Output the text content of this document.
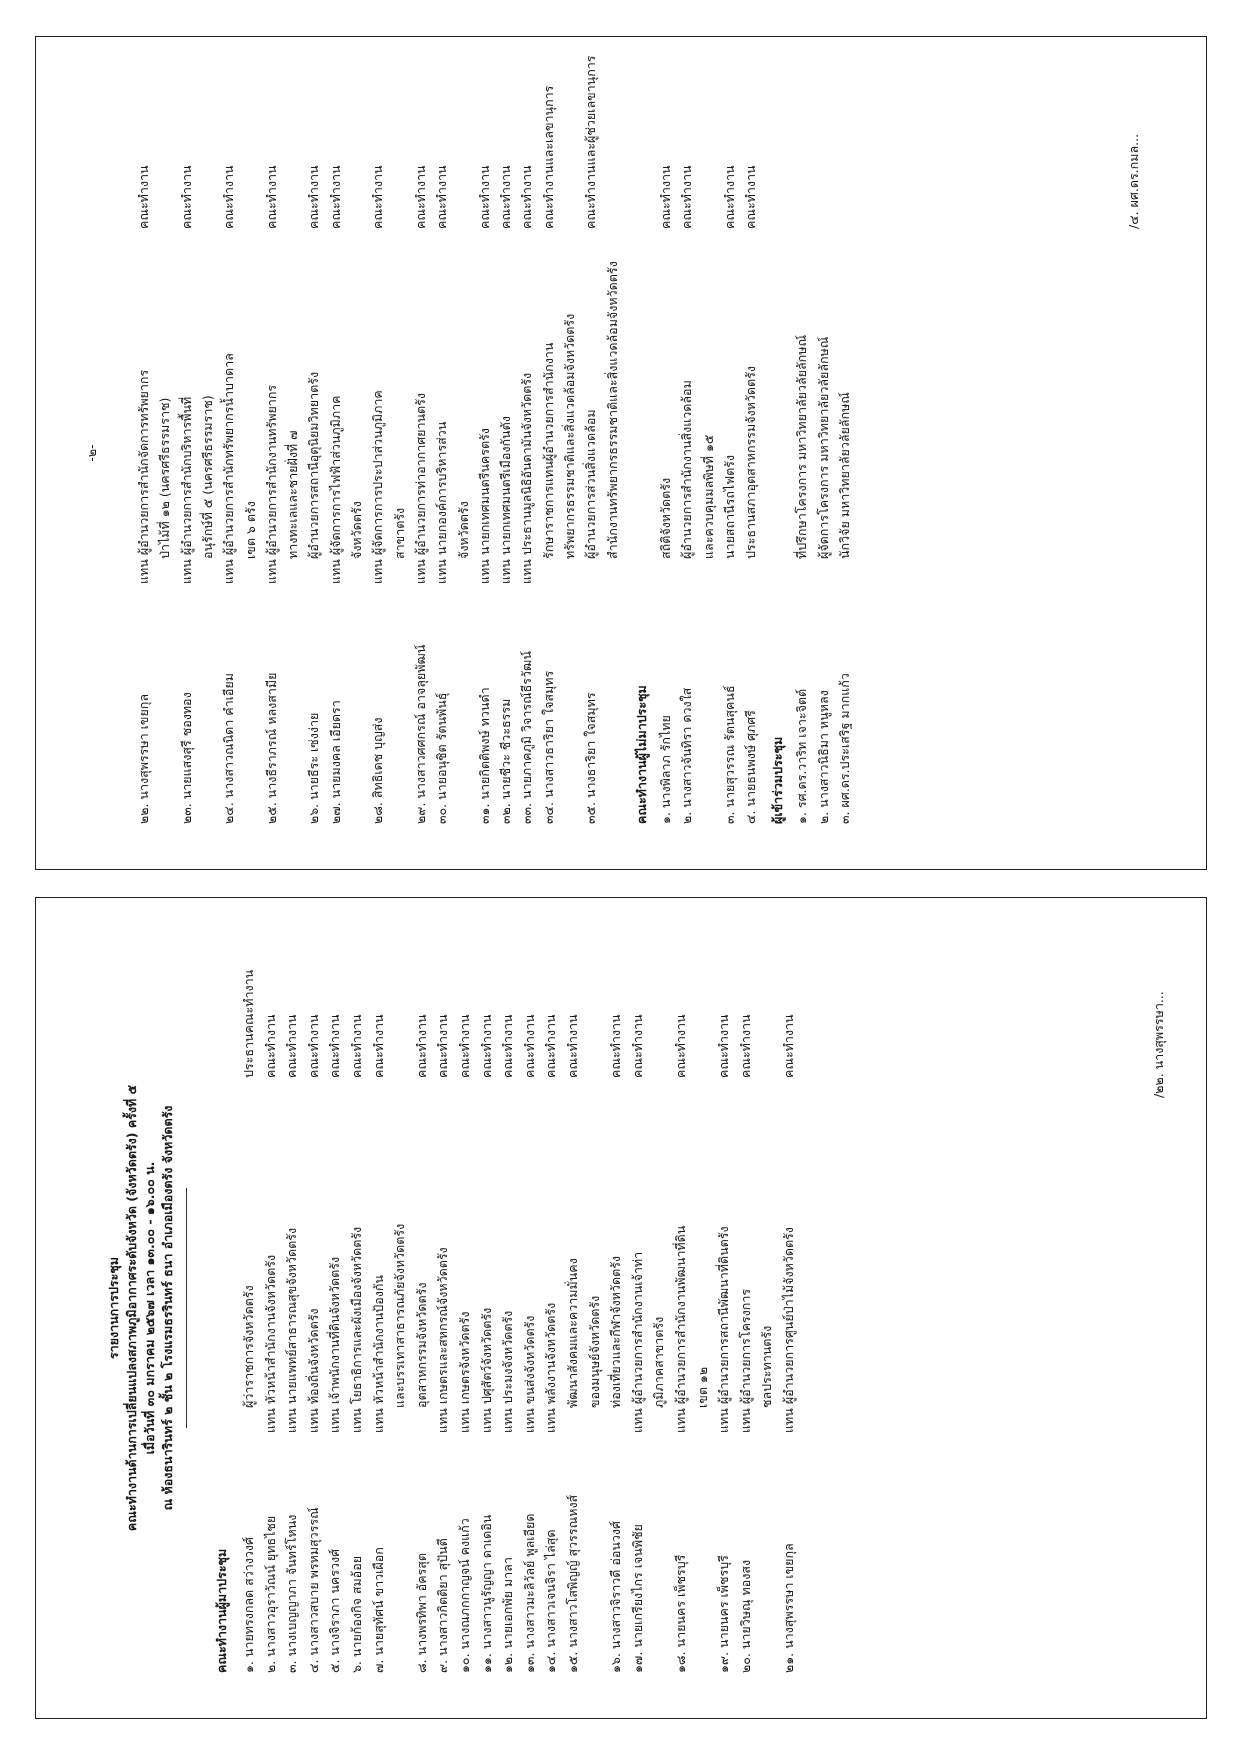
รายงานการประชุม คณะทำงานด้านการเปลี่ยนแปลงสภาพภูมิอากาศระดับจังหวัด (จังหวัดตรัง) ครั้งที่ ๕ เมื่อวันที่ ๓๐ มกราคม ๒๕๖๗ เวลา ๑๓.๐๐ - ๑๖.๐๐ น. ณ ห้องธนารินทร์ ๒ ชั้น ๒ โรงแรมธรรินทร์ ธนา อำเภอเมืองตรัง จังหวัดตรัง
คณะทำงานผู้มาประชุม ๑. นายทรงกลด สว่างวงศ์
ผู้ว่าราชการจังหวัดตรัง
ประธานคณะทำงาน
๒. นางสาวอุราวัณน์ ยุทธไชย
แทน หัวหน้าสำนักงานจังหวัดตรัง
คณะทำงาน
๓. นางเบญญาภา จันทร์โหนง
แทน นายแพทย์สาธารณสุขจังหวัดตรัง
คณะทำงาน
๔. นางสาวสบาย พรหมสุวรรณ์
แทน ท้องถิ่นจังหวัดตรัง
คณะทำงาน
๕. นางจิราภา นครวงศ์
แทน เจ้าพนักงานที่ดินจังหวัดตรัง
คณะทำงาน
๖. นายก้องกิจ สมอ้อย
แทน โยธาธิการและผังเมืองจังหวัดตรัง
คณะทำงาน
๗. นายสุทัศน์ ขาวเผือก
แทน หัวหน้าสำนักงานป้องกัน
คณะทำงาน
และบรรเทาสาธารณภัยจังหวัดตรัง
๘. นางพรทิพา อัครสุต
อุตสาหกรรมจังหวัดตรัง
คณะทำงาน
๙. นางสาวกิตติยา สุปันตี
แทน เกษตรและสหกรณ์จังหวัดตรัง
คณะทำงาน
๑๐. นางณภกกาญจน์ คงแก้ว
แทน เกษตรจังหวัดตรัง
คณะทำงาน
๑๑. นางสาวนูรัญญา ดาเดอิน
แทน ปศุสัตว์จังหวัดตรัง
คณะทำงาน
๑๒. นายเอกพัย มาลา
แทน ประมงจังหวัดตรัง
คณะทำงาน
๑๓. นางสาวมะลิวัลย์ พูลเอียด
แทน ขนส่งจังหวัดตรัง
คณะทำงาน
๑๔. นางสาวเจนจิรา ไล่สุด
แทน พลังงานจังหวัดตรัง
คณะทำงาน
๑๕. นางสาวโสพิญญ์ สุวรรณหงส์
พัฒนาสังคมและความมั่นคง
คณะทำงาน
ของมนุษย์จังหวัดตรัง
๑๖. นางสาวจิราวดี อ่อนวงศ์
ท่องเที่ยวและกีฬาจังหวัดตรัง
คณะทำงาน
๑๗. นายเกรียงไกร เจนพิชัย
แทน ผู้อำนวยการสำนักงานเจ้าท่า
คณะทำงาน
ภูมิภาคสาขาตรัง
๑๘. นายนคร เพ็ชรบุรี
แทน ผู้อำนวยการสำนักงานพัฒนาที่ดิน
คณะทำงาน
เขต ๑๒
๑๙. นายนคร เพ็ชรบุรี
แทน ผู้อำนวยการสถานีพัฒนาที่ดินตรัง
คณะทำงาน
๒๐. นายวิษณุ ทองสง
แทน ผู้อำนวยการโครงการ
คณะทำงาน
ชลประทานตรัง
๒๑. นางสุพรรษา เขยกุล
แทน ผู้อำนวยการศูนย์ป่าไม้จังหวัดตรัง
คณะทำงาน	/๒๒. นางสุพรรษา...
-๒-
๒๒. นางสุพรรษา เขยกุล
แทน ผู้อำนวยการสำนักจัดการทรัพยากร
คณะทำงาน
ป่าไม้ที่ ๑๒ (นครศรีธรรมราช)
๒๓. นายแสงสุรี ชองทอง
แทน ผู้อำนวยการสำนักบริหารพื้นที่
คณะทำงาน
อนุรักษ์ที่ ๕ (นครศรีธรรมราช)
๒๔. นางสาวณนิดา คำเอียม
แทน ผู้อำนวยการสำนักทรัพยากรน้ำบาดาล
คณะทำงาน
เขต ๖ ตรัง
๒๕. นางธีราภรณ์ หลงสามีย
แทน ผู้อำนวยการสำนักงานทรัพยากร
คณะทำงาน
ทางทะเลและชายฝั่งที่ ๗
๒๖. นายธีระ เซ่งง่าย
ผู้อำนวยการสถานีอุตุนิยมวิทยาตรัง
คณะทำงาน
๒๗. นายมงคล เอียดรา
แทน ผู้จัดการการไฟฟ้าส่วนภูมิภาค
คณะทำงาน
จังหวัดตรัง
๒๘. สิทธิเดช บุญส่ง
แทน ผู้จัดการการประปาส่วนภูมิภาค
คณะทำงาน
สาขาตรัง
๒๙. นางสาวศศกรณ์ อาจลุยพัฒน์
แทน ผู้อำนวยการท่าอากาศยานตรัง
คณะทำงาน
๓๐. นายอนุชิต รัตนพันธุ์
แทน นายกองค์การบริหารส่วน
คณะทำงาน
จังหวัดตรัง
๓๑. นายกิตติพงษ์ ทวนดำ
แทน นายกเทศมนตรีนครตรัง
คณะทำงาน
๓๒. นายชีวะ ชีวะธรรม
แทน นายกเทศมนตรีเมืองกันตัง
คณะทำงาน
๓๓. นายภาคภูมิ วิจารณ์ธีรวัฒน์
แทน ประธานมูลนิธิอันดามันจังหวัดตรัง
คณะทำงาน
๓๔. นางสาวธาริยา ใจสมุทร
รักษาราชการแทนผู้อำนวยการสำนักงาน
คณะทำงานและเลขานุการ
ทรัพยากรธรรมชาติและสิ่งแวดล้อมจังหวัดตรัง
๓๕. นางธาริยา ใจสมุทร
ผู้อำนวยการส่วนสิ่งแวดล้อม
คณะทำงานและผู้ช่วยเลขานุการ
สำนักงานทรัพยากรธรรมชาติและสิ่งแวดล้อมจังหวัดตรัง
คณะทำงานผู้ไม่มาประชุม ๑. นางพิลาภ รักไทย
สถิติจังหวัดตรัง
คณะทำงาน
๒. นางสาวจันทิรา ดวงใส
ผู้อำนวยการสำนักงานสิ่งแวดล้อม
คณะทำงาน
และควบคุมมลพิษที่ ๑๕
๓. นายสุวรรณ รัตนสุคนธ์
นายสถานีรถไฟตรัง
คณะทำงาน
๔. นายธนพงษ์ ศุภศรี
ประธานสภาอุตสาหกรรมจังหวัดตรัง
คณะทำงาน
ผู้เข้าร่วมประชุม ๑. รศ.ดร.วาริท เจาะจิตต์
ที่ปรึกษาโครงการ มหาวิทยาลัยวลัยลักษณ์
๒. นางสาวนิธิมา หนูหลง
ผู้จัดการโครงการ มหาวิทยาลัยวลัยลักษณ์
๓. ผศ.ดร.ประเสริฐ มากแก้ว
นักวิจัย มหาวิทยาลัยวลัยลักษณ์
/๔. ผศ.ดร.กมล...
